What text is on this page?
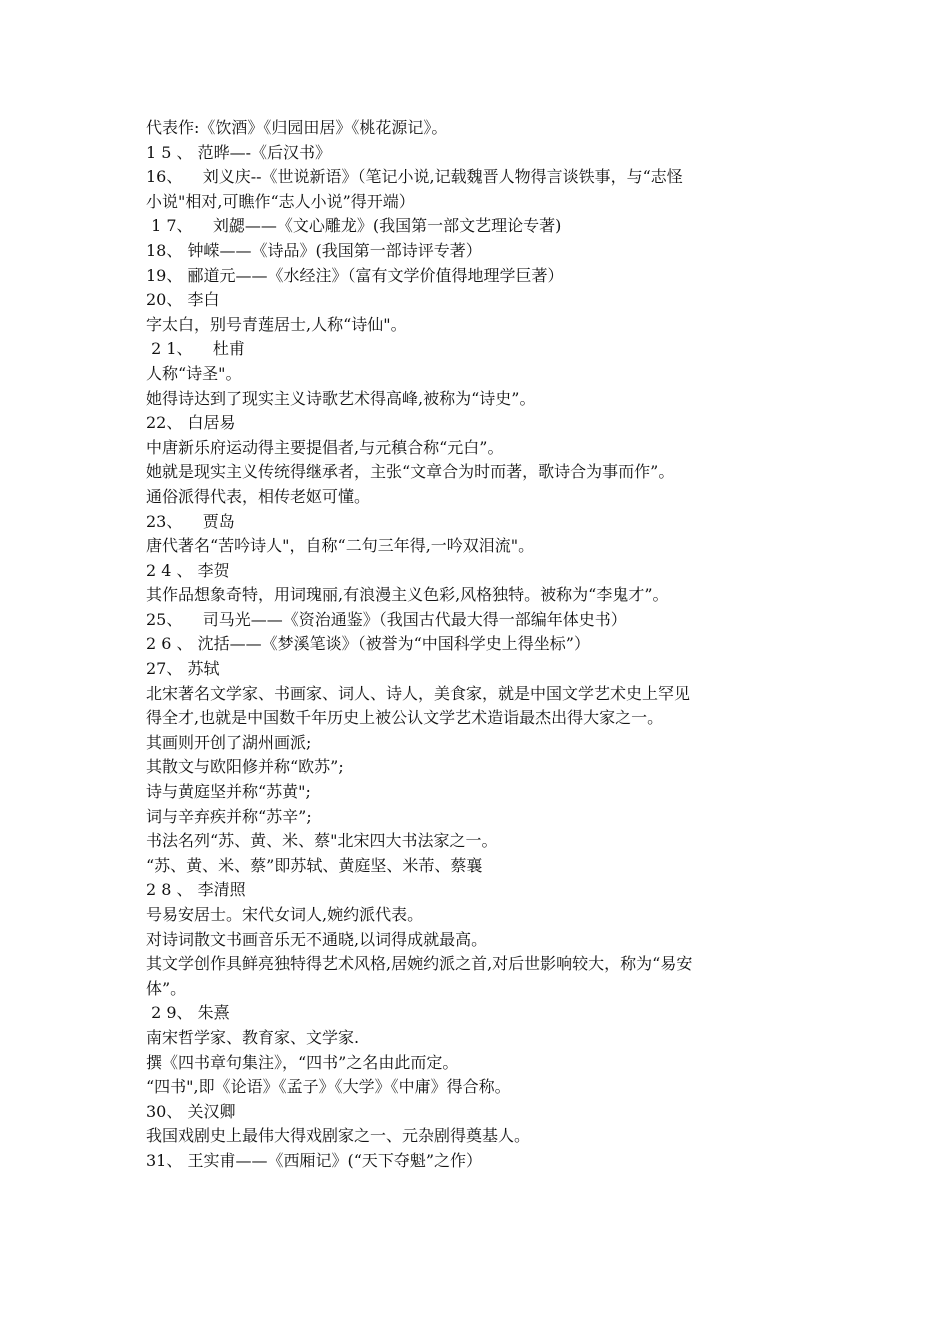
代表作:《饮酒》《归园田居》《桃花源记》。

1 5 、 范晔—-《后汉书》

16、    刘义庆--《世说新语》（笔记小说,记载魏晋人物得言谈铁事，与“志怪

小说"相对,可瞧作“志人小说”得开端）

1 7、    刘勰——《文心雕龙》(我国第一部文艺理论专著)

18、 钟嵘——《诗品》(我国第一部诗评专著）

19、 郦道元——《水经注》（富有文学价值得地理学巨著）

20、 李白

字太白，别号青莲居士,人称“诗仙"。

2 1、    杜甫

人称“诗圣"。

她得诗达到了现实主义诗歌艺术得高峰,被称为“诗史”。

22、 白居易

中唐新乐府运动得主要提倡者,与元稹合称“元白”。

她就是现实主义传统得继承者，主张“文章合为时而著，歌诗合为事而作”。

通俗派得代表，相传老妪可懂。

23、    贾岛

唐代著名“苦吟诗人"，自称“二句三年得,一吟双泪流"。

2 4 、 李贺

其作品想象奇特，用词瑰丽,有浪漫主义色彩,风格独特。被称为“李鬼才”。

25、    司马光——《资治通鉴》（我国古代最大得一部编年体史书）

2 6 、 沈括——《梦溪笔谈》（被誉为“中国科学史上得坐标”）

27、 苏轼

北宋著名文学家、书画家、词人、诗人，美食家，就是中国文学艺术史上罕见

得全才,也就是中国数千年历史上被公认文学艺术造诣最杰出得大家之一。

其画则开创了湖州画派;

其散文与欧阳修并称“欧苏”;

诗与黄庭坚并称“苏黄";

词与辛弃疾并称“苏辛”;

书法名列“苏、黄、米、蔡"北宋四大书法家之一。

“苏、黄、米、蔡”即苏轼、黄庭坚、米芾、蔡襄

2 8 、 李清照

号易安居士。宋代女词人,婉约派代表。

对诗词散文书画音乐无不通晓,以词得成就最高。

其文学创作具鲜亮独特得艺术风格,居婉约派之首,对后世影响较大，称为“易安

体”。

2 9、 朱熹

南宋哲学家、教育家、文学家.

撰《四书章句集注》，“四书”之名由此而定。

“四书",即《论语》《孟子》《大学》《中庸》得合称。

30、 关汉卿

我国戏剧史上最伟大得戏剧家之一、元杂剧得奠基人。

31、 王实甫——《西厢记》(“天下夺魁”之作）
